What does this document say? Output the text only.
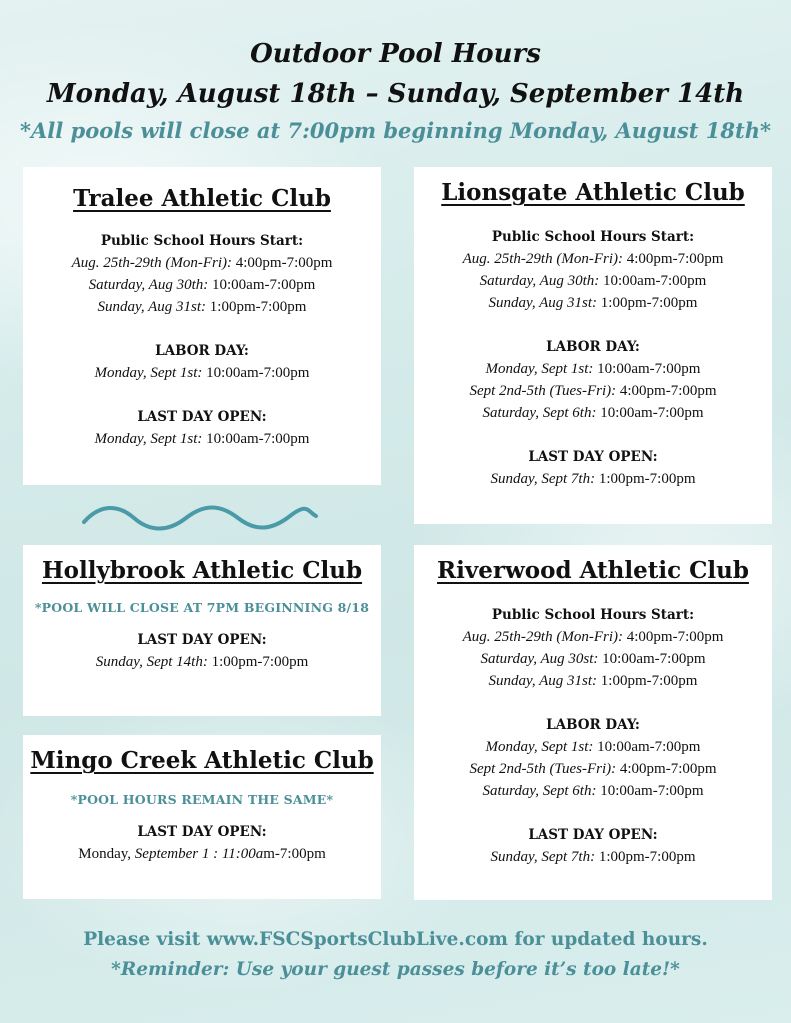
Outdoor Pool Hours
Monday, August 18th – Sunday, September 14th
*All pools will close at 7:00pm beginning Monday, August 18th*
Tralee Athletic Club
Public School Hours Start:
Aug. 25th-29th (Mon-Fri): 4:00pm-7:00pm
Saturday, Aug 30th: 10:00am-7:00pm
Sunday, Aug 31st: 1:00pm-7:00pm
LABOR DAY:
Monday, Sept 1st: 10:00am-7:00pm
LAST DAY OPEN:
Monday, Sept 1st: 10:00am-7:00pm
Lionsgate Athletic Club
Public School Hours Start:
Aug. 25th-29th (Mon-Fri): 4:00pm-7:00pm
Saturday, Aug 30th: 10:00am-7:00pm
Sunday, Aug 31st: 1:00pm-7:00pm
LABOR DAY:
Monday, Sept 1st: 10:00am-7:00pm
Sept 2nd-5th (Tues-Fri): 4:00pm-7:00pm
Saturday, Sept 6th: 10:00am-7:00pm
LAST DAY OPEN:
Sunday, Sept 7th: 1:00pm-7:00pm
Hollybrook Athletic Club
*POOL WILL CLOSE AT 7PM BEGINNING 8/18
LAST DAY OPEN:
Sunday, Sept 14th: 1:00pm-7:00pm
Mingo Creek Athletic Club
*POOL HOURS REMAIN THE SAME*
LAST DAY OPEN:
Monday, September 1 : 11:00am-7:00pm
Riverwood Athletic Club
Public School Hours Start:
Aug. 25th-29th (Mon-Fri): 4:00pm-7:00pm
Saturday, Aug 30st: 10:00am-7:00pm
Sunday, Aug 31st: 1:00pm-7:00pm
LABOR DAY:
Monday, Sept 1st: 10:00am-7:00pm
Sept 2nd-5th (Tues-Fri): 4:00pm-7:00pm
Saturday, Sept 6th: 10:00am-7:00pm
LAST DAY OPEN:
Sunday, Sept 7th: 1:00pm-7:00pm
Please visit www.FSCSportsClubLive.com for updated hours.
*Reminder: Use your guest passes before it’s too late!*
